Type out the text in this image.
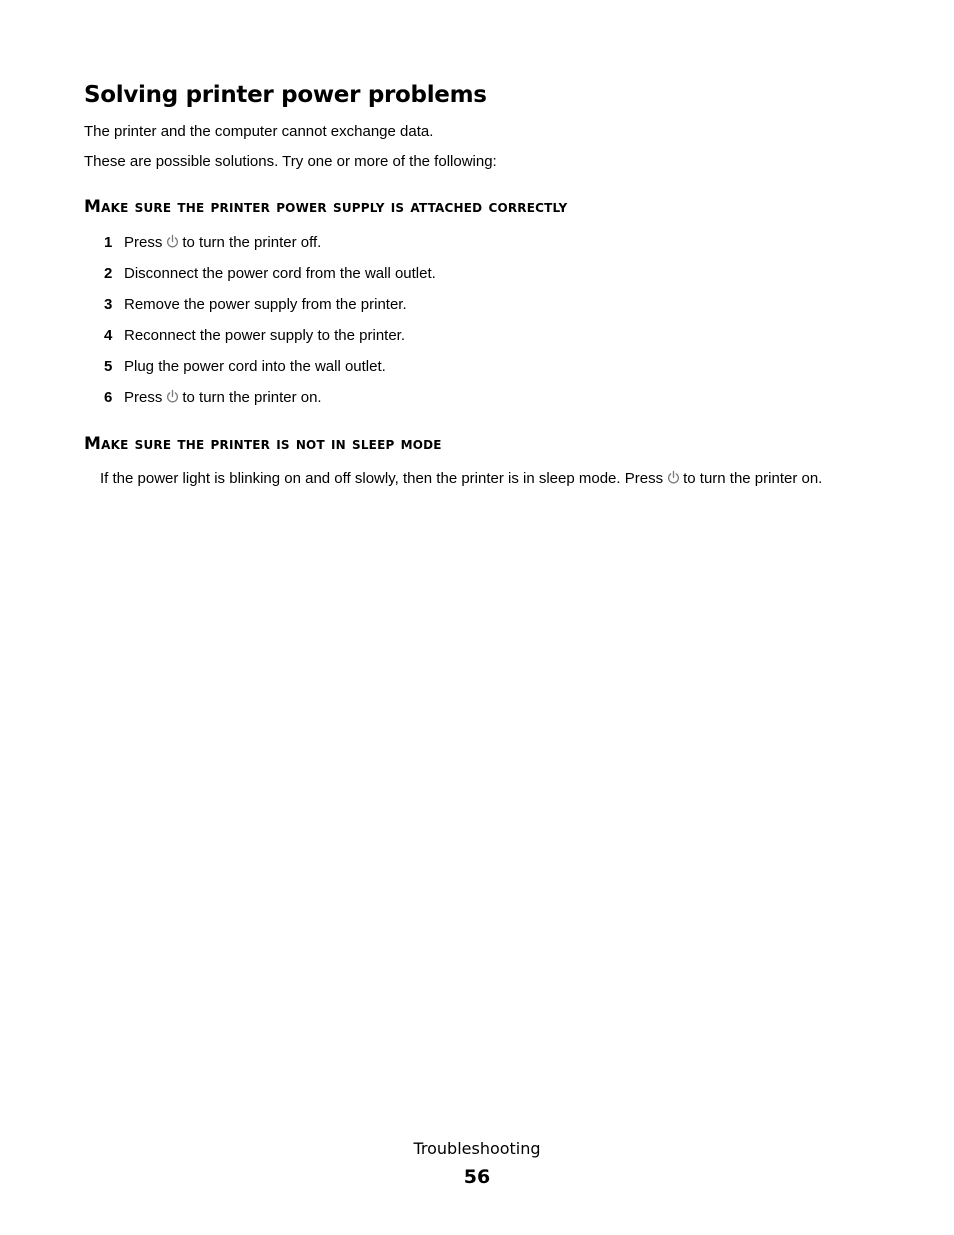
Solving printer power problems

The printer and the computer cannot exchange data.

These are possible solutions. Try one or more of the following:

Make sure the printer power supply is attached correctly
1 Press to turn the printer off.
2 Disconnect the power cord from the wall outlet.
3 Remove the power supply from the printer.
4 Reconnect the power supply to the printer.
5 Plug the power cord into the wall outlet.
6 Press to turn the printer on.
Make sure the printer is not in sleep mode

If the power light is blinking on and off slowly, then the printer is in sleep mode. Press to turn the printer on.

Troubleshooting
56
